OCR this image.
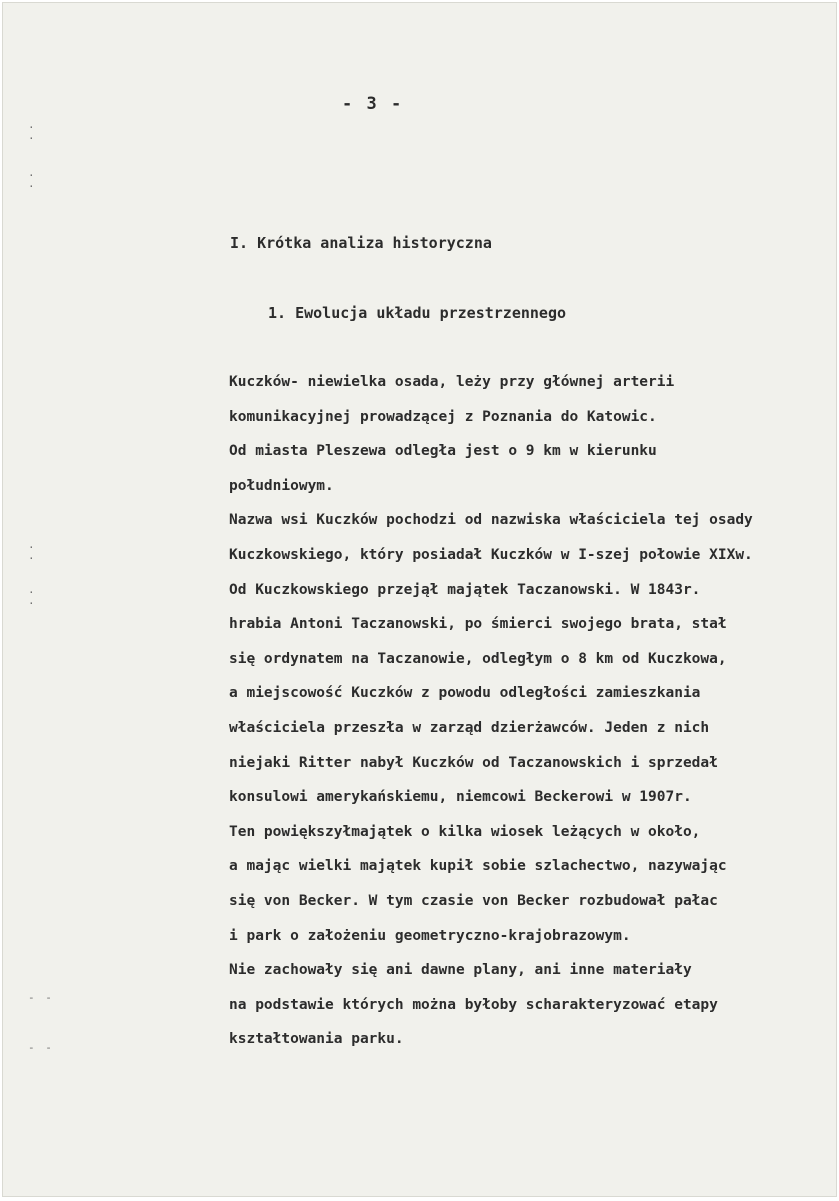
·
·
·
·
·
·
·
·
- -
- -
- 3 -
I. Krótka analiza historyczna
1. Ewolucja układu przestrzennego
Kuczków- niewielka osada, leży przy głównej arterii
komunikacyjnej prowadzącej z Poznania do Katowic.
Od miasta Pleszewa odległa jest o 9 km w kierunku
południowym.
Nazwa wsi Kuczków pochodzi od nazwiska właściciela tej osady
Kuczkowskiego, który posiadał Kuczków w I-szej połowie XIXw.
Od Kuczkowskiego przejął majątek Taczanowski. W 1843r.
hrabia Antoni Taczanowski, po śmierci swojego brata, stał
się ordynatem na Taczanowie, odległym o 8 km od Kuczkowa,
a miejscowość Kuczków z powodu odległości zamieszkania
właściciela przeszła w zarząd dzierżawców. Jeden z nich
niejaki Ritter nabył Kuczków od Taczanowskich i sprzedał
konsulowi amerykańskiemu, niemcowi Beckerowi w 1907r.
Ten powiększyłmajątek o kilka wiosek leżących w około,
a mając wielki majątek kupił sobie szlachectwo, nazywając
się von Becker. W tym czasie von Becker rozbudował pałac
i park o założeniu geometryczno-krajobrazowym.
Nie zachowały się ani dawne plany, ani inne materiały
na podstawie których można byłoby scharakteryzować etapy
kształtowania parku.
